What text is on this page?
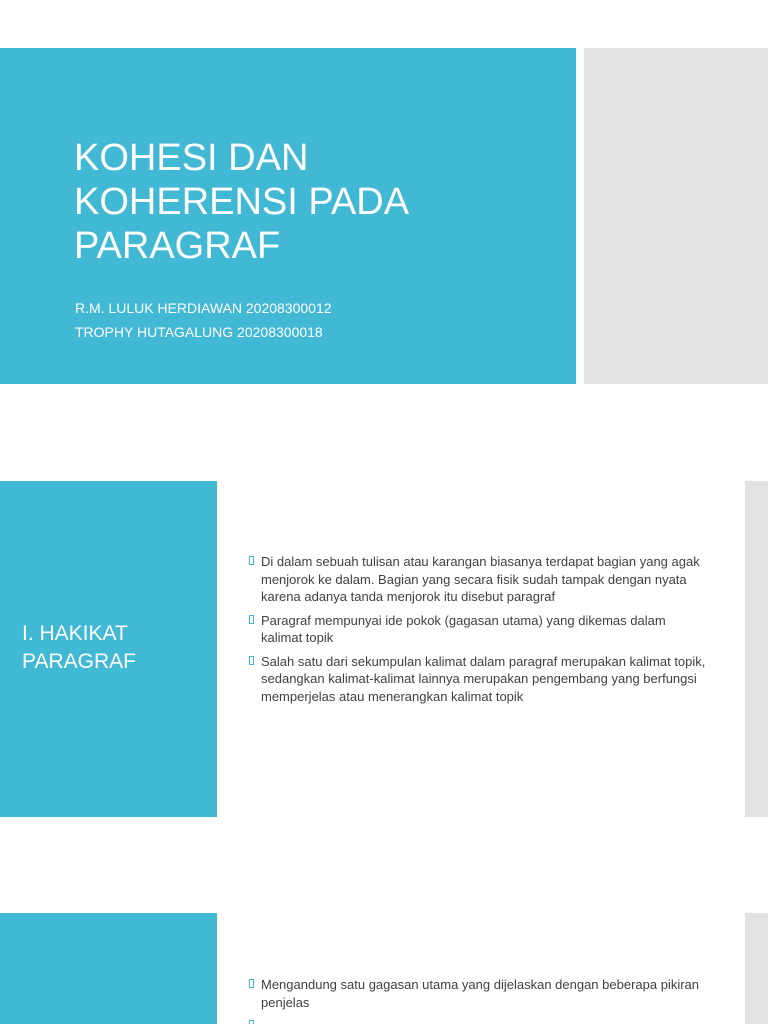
KOHESI DAN
KOHERENSI PADA
PARAGRAF
R.M. LULUK HERDIAWAN 20208300012
TROPHY HUTAGALUNG 20208300018
I. HAKIKAT
PARAGRAF
Di dalam sebuah tulisan atau karangan biasanya terdapat bagian yang agak menjorok ke dalam. Bagian yang secara fisik sudah tampak dengan nyata karena adanya tanda menjorok itu disebut paragraf
Paragraf mempunyai ide pokok (gagasan utama) yang dikemas dalam kalimat topik
Salah satu dari sekumpulan kalimat dalam paragraf merupakan kalimat topik, sedangkan kalimat-kalimat lainnya merupakan pengembang yang berfungsi memperjelas atau menerangkan kalimat topik
Mengandung satu gagasan utama yang dijelaskan dengan beberapa pikiran penjelas
